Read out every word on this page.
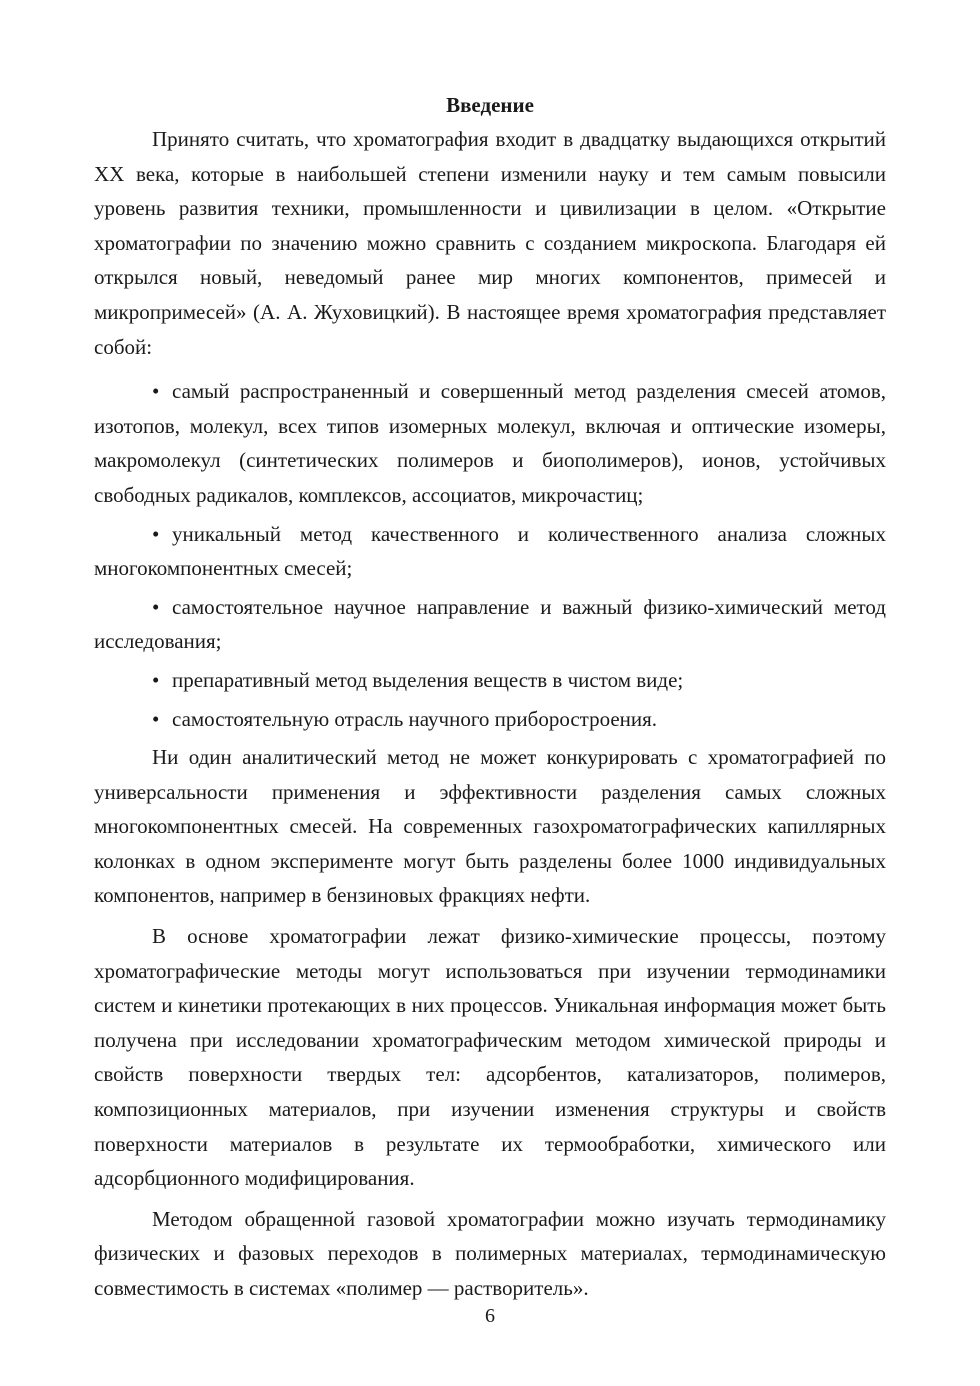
Введение

Принято считать, что хроматография входит в двадцатку выдающихся открытий XX века, которые в наибольшей степени изменили науку и тем самым повысили уровень развития техники, промышленности и цивилизации в целом. «Открытие хроматографии по значению можно сравнить с созданием микроскопа. Благодаря ей открылся новый, неведомый ранее мир многих компонентов, примесей и микропримесей» (А. А. Жуховицкий). В настоящее время хроматография представляет собой:

• самый распространенный и совершенный метод разделения смесей атомов, изотопов, молекул, всех типов изомерных молекул, включая и оптические изомеры, макромолекул (синтетических полимеров и биополимеров), ионов, устойчивых свободных радикалов, комплексов, ассоциатов, микрочастиц;

• уникальный метод качественного и количественного анализа сложных многокомпонентных смесей;

• самостоятельное научное направление и важный физико-химический метод исследования;

• препаративный метод выделения веществ в чистом виде;

• самостоятельную отрасль научного приборостроения.

Ни один аналитический метод не может конкурировать с хроматографией по универсальности применения и эффективности разделения самых сложных многокомпонентных смесей. На современных газохроматографических капиллярных колонках в одном эксперименте могут быть разделены более 1000 индивидуальных компонентов, например в бензиновых фракциях нефти.

В основе хроматографии лежат физико-химические процессы, поэтому хроматографические методы могут использоваться при изучении термодинамики систем и кинетики протекающих в них процессов. Уникальная информация может быть получена при исследовании хроматографическим методом химической природы и свойств поверхности твердых тел: адсорбентов, катализаторов, полимеров, композиционных материалов, при изучении изменения структуры и свойств поверхности материалов в результате их термообработки, химического или адсорбционного модифицирования.

Методом обращенной газовой хроматографии можно изучать термодинамику физических и фазовых переходов в полимерных материалах, термодинамическую совместимость в системах «полимер — растворитель».

6
